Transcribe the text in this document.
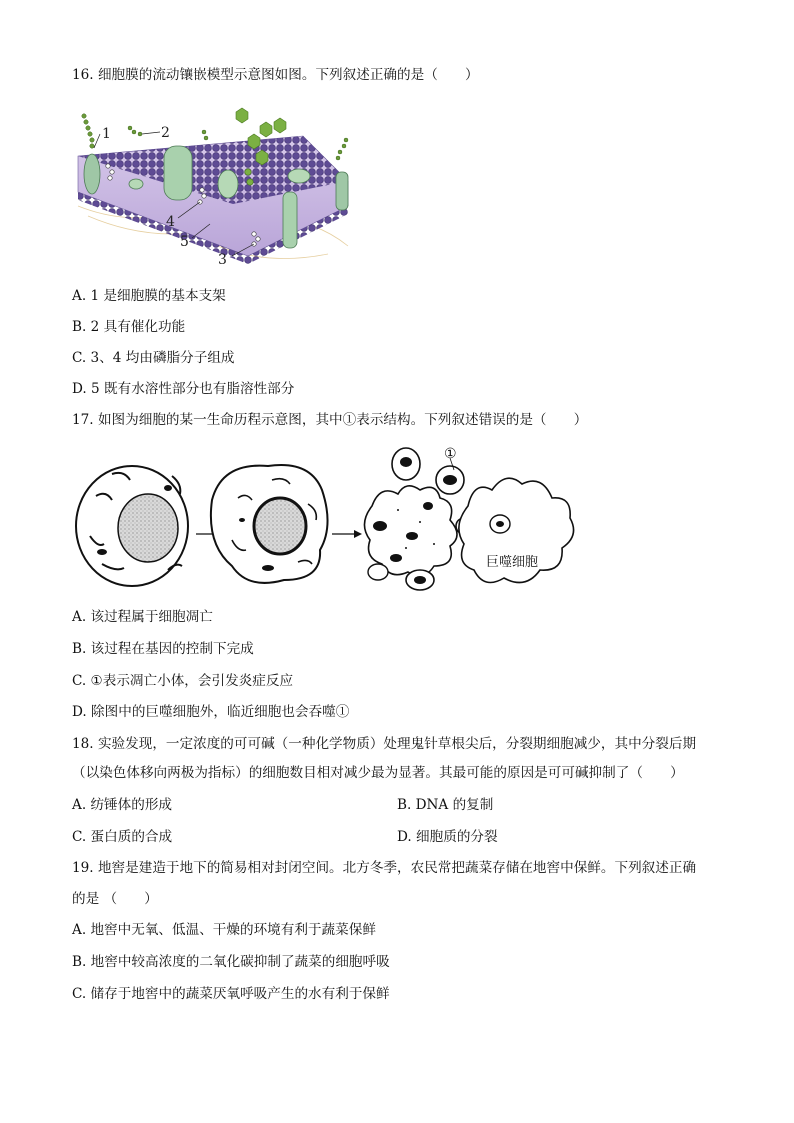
16. 细胞膜的流动镶嵌模型示意图如图。下列叙述正确的是（　　）
1	2
3
4
5
A. 1 是细胞膜的基本支架
B. 2 具有催化功能
C. 3、4 均由磷脂分子组成
D. 5 既有水溶性部分也有脂溶性部分
17. 如图为细胞的某一生命历程示意图，其中①表示结构。下列叙述错误的是（　　）
①
巨噬细胞
A. 该过程属于细胞凋亡
B. 该过程在基因的控制下完成
C. ①表示凋亡小体，会引发炎症反应
D. 除图中的巨噬细胞外，临近细胞也会吞噬①
18. 实验发现，一定浓度的可可碱（一种化学物质）处理鬼针草根尖后，分裂期细胞减少，其中分裂后期
（以染色体移向两极为指标）的细胞数目相对减少最为显著。其最可能的原因是可可碱抑制了（　　）
A. 纺锤体的形成	B. DNA 的复制
C. 蛋白质的合成	D. 细胞质的分裂
19. 地窖是建造于地下的简易相对封闭空间。北方冬季，农民常把蔬菜存储在地窖中保鲜。下列叙述正确
的是 （　　）
A. 地窖中无氧、低温、干燥的环境有利于蔬菜保鲜
B. 地窖中较高浓度的二氧化碳抑制了蔬菜的细胞呼吸
C. 储存于地窖中的蔬菜厌氧呼吸产生的水有利于保鲜
